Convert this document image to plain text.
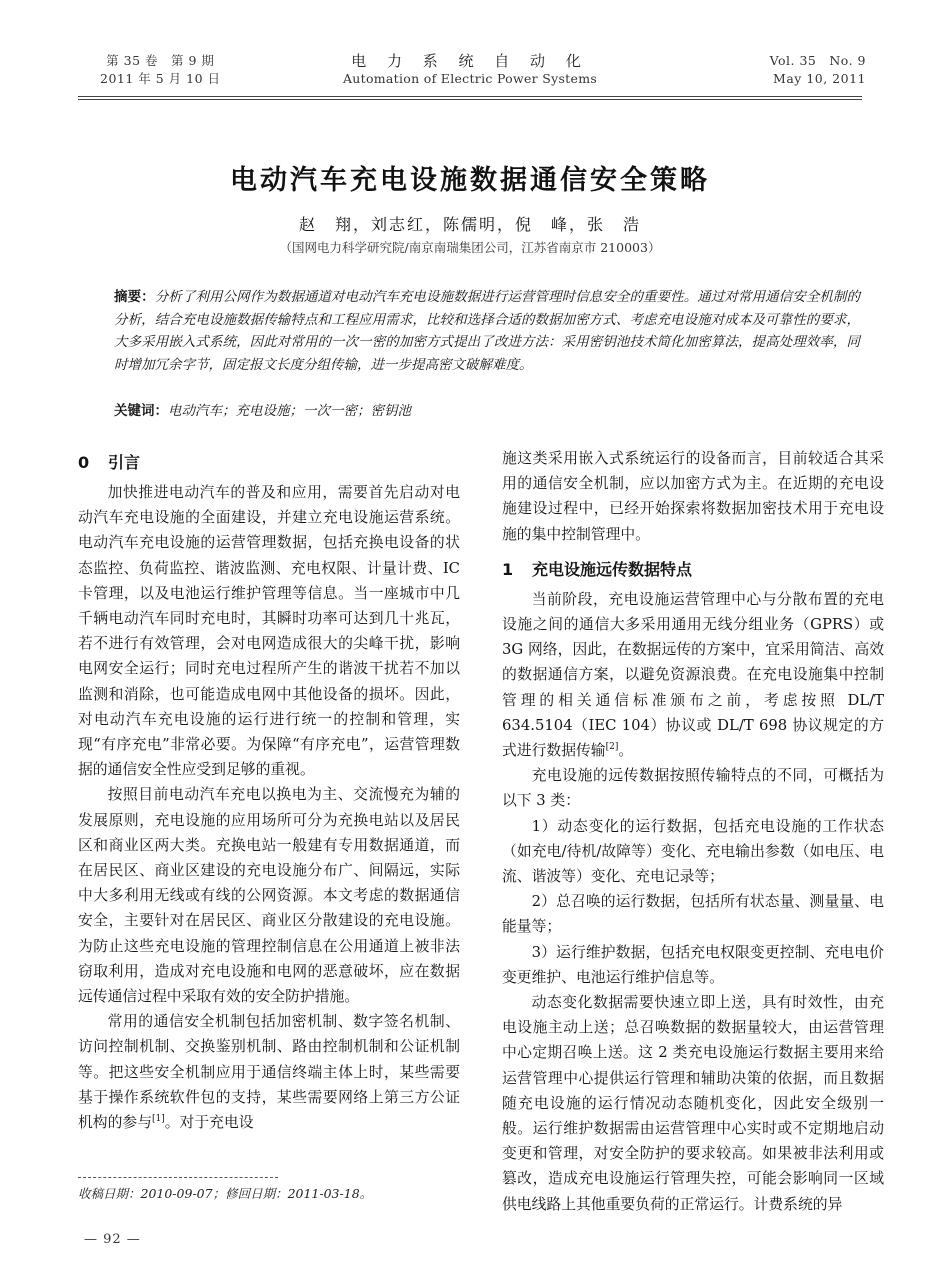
第 35 卷　第 9 期
2011 年 5 月 10 日
电 力 系 统 自 动 化
Automation of Electric Power Systems
Vol. 35　No. 9
May 10, 2011
电动汽车充电设施数据通信安全策略
赵　翔，刘志红，陈儒明，倪　峰，张　浩
（国网电力科学研究院/南京南瑞集团公司，江苏省南京市 210003）
摘要：分析了利用公网作为数据通道对电动汽车充电设施数据进行运营管理时信息安全的重要性。通过对常用通信安全机制的分析，结合充电设施数据传输特点和工程应用需求，比较和选择合适的数据加密方式、考虑充电设施对成本及可靠性的要求，大多采用嵌入式系统，因此对常用的一次一密的加密方式提出了改进方法：采用密钥池技术简化加密算法，提高处理效率，同时增加冗余字节，固定报文长度分组传输，进一步提高密文破解难度。
关键词：电动汽车；充电设施；一次一密；密钥池
0 引言

加快推进电动汽车的普及和应用，需要首先启动对电动汽车充电设施的全面建设，并建立充电设施运营系统。电动汽车充电设施的运营管理数据，包括充换电设备的状态监控、负荷监控、谐波监测、充电权限、计量计费、IC 卡管理，以及电池运行维护管理等信息。当一座城市中几千辆电动汽车同时充电时，其瞬时功率可达到几十兆瓦，若不进行有效管理，会对电网造成很大的尖峰干扰，影响电网安全运行；同时充电过程所产生的谐波干扰若不加以监测和消除，也可能造成电网中其他设备的损坏。因此，对电动汽车充电设施的运行进行统一的控制和管理，实现“有序充电”非常必要。为保障“有序充电”，运营管理数据的通信安全性应受到足够的重视。

按照目前电动汽车充电以换电为主、交流慢充为辅的发展原则，充电设施的应用场所可分为充换电站以及居民区和商业区两大类。充换电站一般建有专用数据通道，而在居民区、商业区建设的充电设施分布广、间隔远，实际中大多利用无线或有线的公网资源。本文考虑的数据通信安全，主要针对在居民区、商业区分散建设的充电设施。为防止这些充电设施的管理控制信息在公用通道上被非法窃取利用，造成对充电设施和电网的恶意破坏，应在数据远传通信过程中采取有效的安全防护措施。

常用的通信安全机制包括加密机制、数字签名机制、访问控制机制、交换鉴别机制、路由控制机制和公证机制等。把这些安全机制应用于通信终端主体上时，某些需要基于操作系统软件包的支持，某些需要网络上第三方公证机构的参与[1]。对于充电设

施这类采用嵌入式系统运行的设备而言，目前较适合其采用的通信安全机制，应以加密方式为主。在近期的充电设施建设过程中，已经开始探索将数据加密技术用于充电设施的集中控制管理中。

1 充电设施远传数据特点

当前阶段，充电设施运营管理中心与分散布置的充电设施之间的通信大多采用通用无线分组业务（GPRS）或 3G 网络，因此，在数据远传的方案中，宜采用简洁、高效的数据通信方案，以避免资源浪费。在充电设施集中控制管理的相关通信标准颁布之前，考虑按照 DL/T 634.5104（IEC 104）协议或 DL/T 698 协议规定的方式进行数据传输[2]。

充电设施的远传数据按照传输特点的不同，可概括为以下 3 类：

1）动态变化的运行数据，包括充电设施的工作状态（如充电/待机/故障等）变化、充电输出参数（如电压、电流、谐波等）变化、充电记录等；

2）总召唤的运行数据，包括所有状态量、测量量、电能量等；

3）运行维护数据，包括充电权限变更控制、充电电价变更维护、电池运行维护信息等。

动态变化数据需要快速立即上送，具有时效性，由充电设施主动上送；总召唤数据的数据量较大，由运营管理中心定期召唤上送。这 2 类充电设施运行数据主要用来给运营管理中心提供运行管理和辅助决策的依据，而且数据随充电设施的运行情况动态随机变化，因此安全级别一般。运行维护数据需由运营管理中心实时或不定期地启动变更和管理，对安全防护的要求较高。如果被非法利用或篡改，造成充电设施运行管理失控，可能会影响同一区域供电线路上其他重要负荷的正常运行。计费系统的异

收稿日期：2010-09-07；修回日期：2011-03-18。
— 92 —
